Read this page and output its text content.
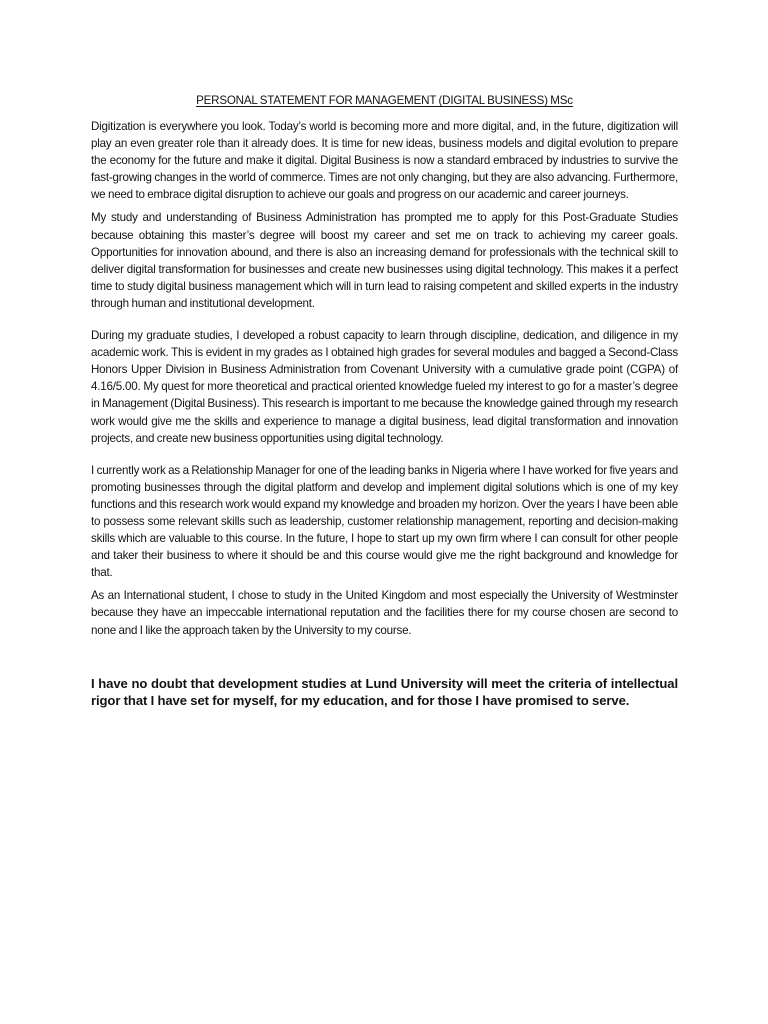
PERSONAL STATEMENT FOR MANAGEMENT (DIGITAL BUSINESS) MSc

Digitization is everywhere you look. Today’s world is becoming more and more digital, and, in the future, digitization will play an even greater role than it already does. It is time for new ideas, business models and digital evolution to prepare the economy for the future and make it digital. Digital Business is now a standard embraced by industries to survive the fast-growing changes in the world of commerce. Times are not only changing, but they are also advancing. Furthermore, we need to embrace digital disruption to achieve our goals and progress on our academic and career journeys.

My study and understanding of Business Administration has prompted me to apply for this Post-Graduate Studies because obtaining this master’s degree will boost my career and set me on track to achieving my career goals. Opportunities for innovation abound, and there is also an increasing demand for professionals with the technical skill to deliver digital transformation for businesses and create new businesses using digital technology. This makes it a perfect time to study digital business management which will in turn lead to raising competent and skilled experts in the industry through human and institutional development.

During my graduate studies, I developed a robust capacity to learn through discipline, dedication, and diligence in my academic work. This is evident in my grades as I obtained high grades for several modules and bagged a Second-Class Honors Upper Division in Business Administration from Covenant University with a cumulative grade point (CGPA) of 4.16/5.00. My quest for more theoretical and practical oriented knowledge fueled my interest to go for a master’s degree in Management (Digital Business). This research is important to me because the knowledge gained through my research work would give me the skills and experience to manage a digital business, lead digital transformation and innovation projects, and create new business opportunities using digital technology.

I currently work as a Relationship Manager for one of the leading banks in Nigeria where I have worked for five years and promoting businesses through the digital platform and develop and implement digital solutions which is one of my key functions and this research work would expand my knowledge and broaden my horizon. Over the years I have been able to possess some relevant skills such as leadership, customer relationship management, reporting and decision-making skills which are valuable to this course. In the future, I hope to start up my own firm where I can consult for other people and taker their business to where it should be and this course would give me the right background and knowledge for that.

As an International student, I chose to study in the United Kingdom and most especially the University of Westminster because they have an impeccable international reputation and the facilities there for my course chosen are second to none and I like the approach taken by the University to my course.

I have no doubt that development studies at Lund University will meet the criteria of intellectual rigor that I have set for myself, for my education, and for those I have promised to serve.
